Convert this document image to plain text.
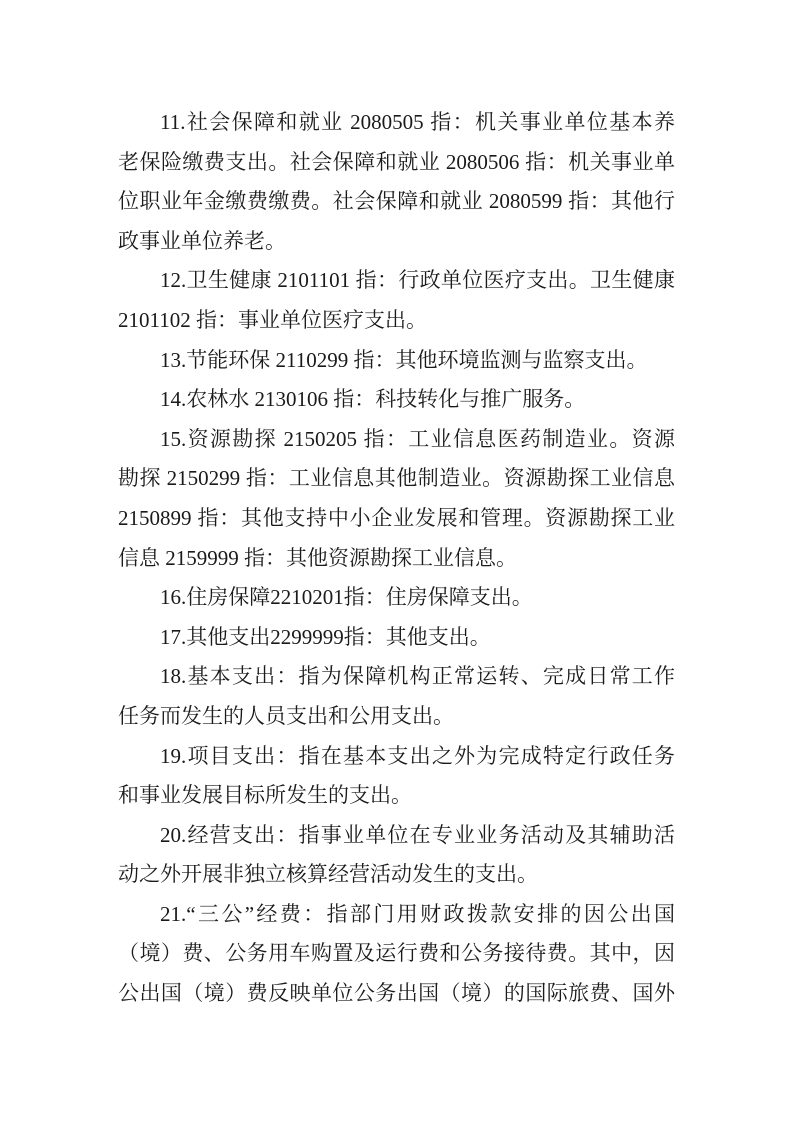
11.社会保障和就业 2080505 指：机关事业单位基本养
老保险缴费支出。社会保障和就业 2080506 指：机关事业单
位职业年金缴费缴费。社会保障和就业 2080599 指：其他行
政事业单位养老。
12.卫生健康 2101101 指：行政单位医疗支出。卫生健康
2101102 指：事业单位医疗支出。
13.节能环保 2110299 指：其他环境监测与监察支出。
14.农林水 2130106 指：科技转化与推广服务。
15.资源勘探 2150205 指：工业信息医药制造业。资源
勘探 2150299 指：工业信息其他制造业。资源勘探工业信息
2150899 指：其他支持中小企业发展和管理。资源勘探工业
信息 2159999 指：其他资源勘探工业信息。
16.住房保障2210201指：住房保障支出。
17.其他支出2299999指：其他支出。
18.基本支出：指为保障机构正常运转、完成日常工作
任务而发生的人员支出和公用支出。
19.项目支出：指在基本支出之外为完成特定行政任务
和事业发展目标所发生的支出。
20.经营支出：指事业单位在专业业务活动及其辅助活
动之外开展非独立核算经营活动发生的支出。
21.“三公”经费：指部门用财政拨款安排的因公出国
（境）费、公务用车购置及运行费和公务接待费。其中，因
公出国（境）费反映单位公务出国（境）的国际旅费、国外
